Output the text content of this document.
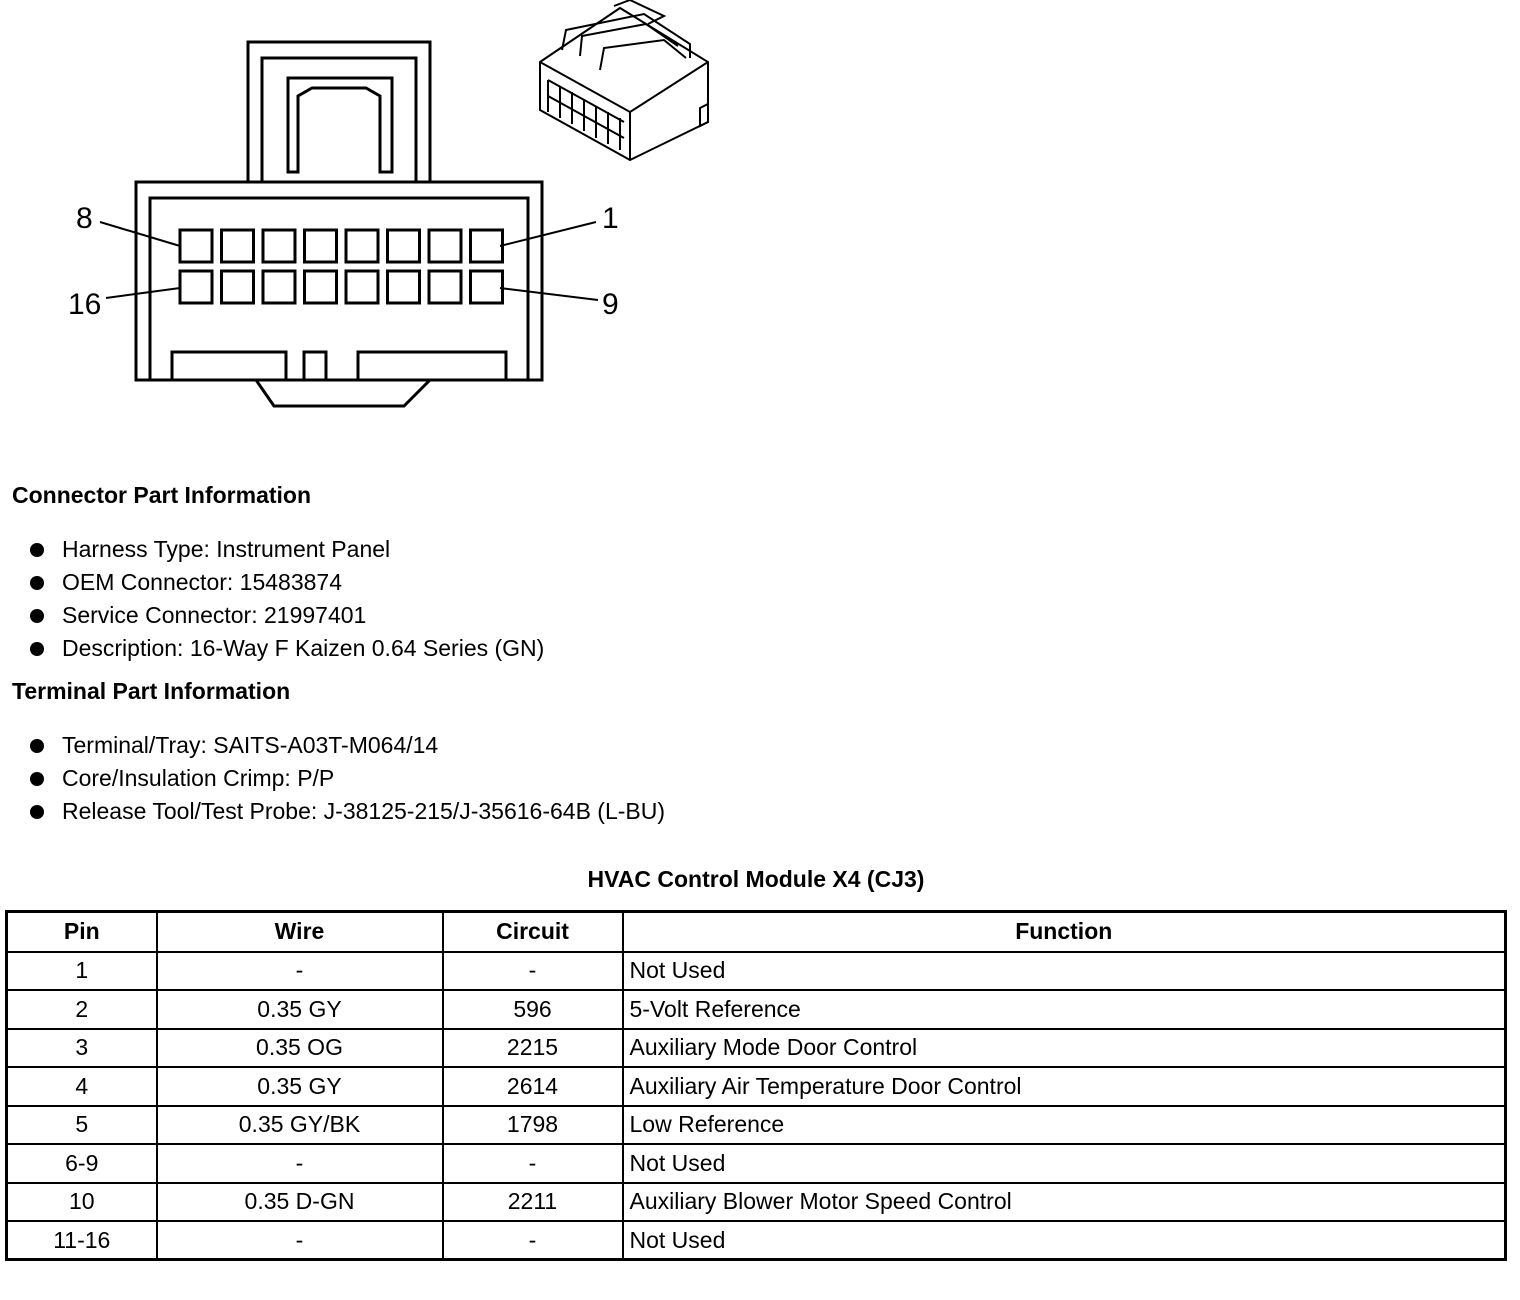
8	1
16	9
Connector Part Information
Harness Type: Instrument Panel
OEM Connector: 15483874
Service Connector: 21997401
Description: 16-Way F Kaizen 0.64 Series (GN)
Terminal Part Information
Terminal/Tray: SAITS-A03T-M064/14
Core/Insulation Crimp: P/P
Release Tool/Test Probe: J-38125-215/J-35616-64B (L-BU)
HVAC Control Module X4 (CJ3)
Pin	Wire	Circuit	Function
1	-	-	Not Used
2	0.35 GY	596	5-Volt Reference
3	0.35 OG	2215	Auxiliary Mode Door Control
4	0.35 GY	2614	Auxiliary Air Temperature Door Control
5	0.35 GY/BK	1798	Low Reference
6-9	-	-	Not Used
10	0.35 D-GN	2211	Auxiliary Blower Motor Speed Control
11-16	-	-	Not Used
